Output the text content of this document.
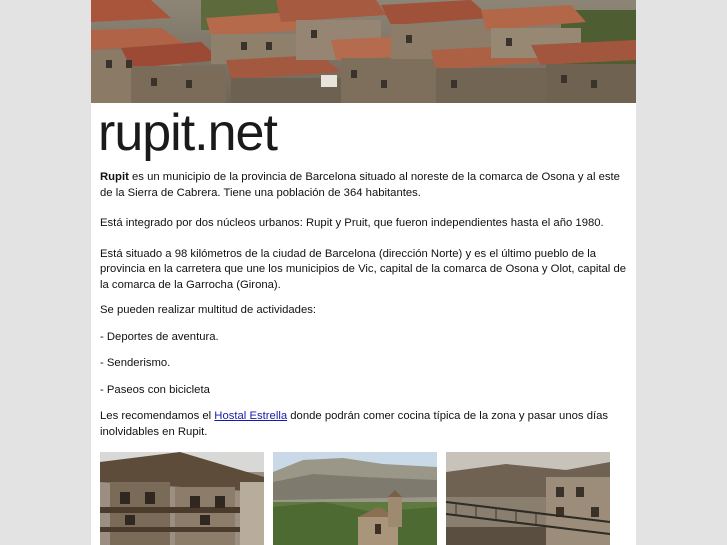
rupit.net

Rupit es un municipio de la provincia de Barcelona situado al noreste de la comarca de Osona y al este de la Sierra de Cabrera. Tiene una población de 364 habitantes.

Está integrado por dos núcleos urbanos: Rupit y Pruit, que fueron independientes hasta el año 1980.

Está situado a 98 kilómetros de la ciudad de Barcelona (dirección Norte) y es el último pueblo de la provincia en la carretera que une los municipios de Vic, capital de la comarca de Osona y Olot, capital de la comarca de la Garrocha (Girona).

Se pueden realizar multitud de actividades:

- Deportes de aventura.

- Senderismo.

- Paseos con bicicleta

Les recomendamos el Hostal Estrella donde podrán comer cocina típica de la zona y pasar unos días inolvidables en Rupit.
